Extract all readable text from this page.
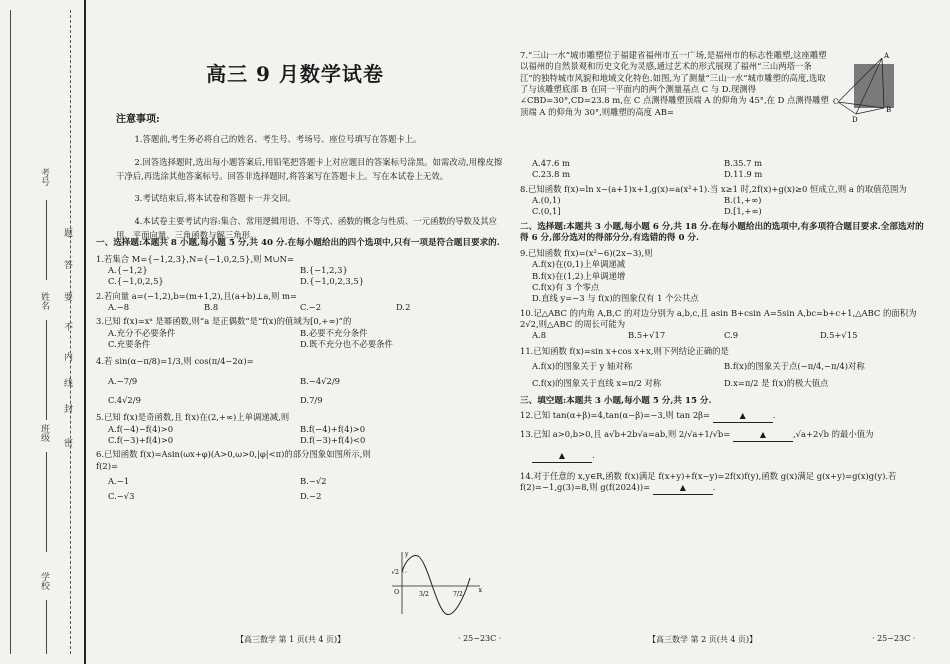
考号
姓名
班级
学校
题
答
要
不
内
线
封
密
高三 9 月数学试卷
注意事项:

1.答题前,考生务必将自己的姓名、考生号、考场号、座位号填写在答题卡上。

2.回答选择题时,选出每小题答案后,用铅笔把答题卡上对应题目的答案标号涂黑。如需改动,用橡皮擦干净后,再选涂其他答案标号。回答非选择题时,将答案写在答题卡上。写在本试卷上无效。

3.考试结束后,将本试卷和答题卡一并交回。

4.本试卷主要考试内容:集合、常用逻辑用语、不等式、函数的概念与性质、一元函数的导数及其应用、平面向量、三角函数与解三角形。

一、选择题:本题共 8 小题,每小题 5 分,共 40 分.在每小题给出的四个选项中,只有一项是符合题目要求的.

1.若集合 M={−1,2,3},N={−1,0,2,5},则 M∪N=

A.{−1,2}	B.{−1,2,3}
C.{−1,0,2,5}	D.{−1,0,2,3,5}

2.若向量 a=(−1,2),b=(m+1,2),且(a+b)⊥a,则 m=

A.−8	B.8	C.−2	D.2

3.已知 f(x)=xᵃ 是幂函数,则“a 是正偶数”是“f(x)的值域为[0,+∞)”的

A.充分不必要条件	B.必要不充分条件
C.充要条件	D.既不充分也不必要条件

4.若 sin(α−π/8)=1/3,则 cos(π/4−2α)=

A.−7/9	B.−4√2/9
C.4√2/9	D.7/9

5.已知 f(x)是奇函数,且 f(x)在(2,+∞)上单调递减,则

A.f(−4)−f(4)>0	B.f(−4)+f(4)>0
C.f(−3)+f(4)>0	D.f(−3)+f(4)<0

6.已知函数 f(x)=Asin(ωx+φ)(A>0,ω>0,|φ|<π)的部分图象如图所示,则 f(2)=

A.−1	B.−√2
C.−√3	D.−2
x
y
√2
O	3/2	7/2
【高三数学 第 1 页(共 4 页)】	· 25−23C ·

7.“三山一水”城市雕塑位于福建省福州市五一广场,是福州市的标志性雕塑,这座雕塑以福州的自然景观和历史文化为灵感,通过艺术的形式展现了福州“三山两塔一条江”的独特城市风貌和地域文化特色.如图,为了测量“三山一水”城市雕塑的高度,选取了与该雕塑底部 B 在同一平面内的两个测量基点 C 与 D.现测得∠CBD=30°,CD=23.8 m,在 C 点测得雕塑顶端 A 的仰角为 45°,在 D 点测得雕塑顶端 A 的仰角为 30°,则雕塑的高度 AB=

A
B
C
D
A.47.6 m	B.35.7 m
C.23.8 m	D.11.9 m

8.已知函数 f(x)=ln x−(a+1)x+1,g(x)=a(x²+1).当 x≥1 时,2f(x)+g(x)≥0 恒成立,则 a 的取值范围为

A.(0,1)	B.(1,+∞)
C.(0,1]	D.[1,+∞)

二、选择题:本题共 3 小题,每小题 6 分,共 18 分.在每小题给出的选项中,有多项符合题目要求.全部选对的得 6 分,部分选对的得部分分,有选错的得 0 分.

9.已知函数 f(x)=(x²−6)(2x−3),则

A.f(x)在(0,1)上单调递减

B.f(x)在(1,2)上单调递增

C.f(x)有 3 个零点

D.直线 y=−3 与 f(x)的图象仅有 1 个公共点

10.记△ABC 的内角 A,B,C 的对边分别为 a,b,c,且 asin B+csin A=5sin A,bc=b+c+1,△ABC 的面积为 2√2,则△ABC 的周长可能为

A.8	B.5+√17	C.9	D.5+√15

11.已知函数 f(x)=sin x+cos x+x,则下列结论正确的是

A.f(x)的图象关于 y 轴对称	B.f(x)的图象关于点(−π/4,−π/4)对称
C.f(x)的图象关于直线 x=π/2 对称	D.x=π/2 是 f(x)的极大值点

三、填空题:本题共 3 小题,每小题 5 分,共 15 分.

12.已知 tan(α+β)=4,tan(α−β)=−3,则 tan 2β=	▲	.

13.已知 a>0,b>0,且 a√b+2b√a=ab,则 2/√a+1/√b=	▲	,√a+2√b 的最小值为

▲	.

14.对于任意的 x,y∈R,函数 f(x)满足 f(x+y)+f(x−y)=2f(x)f(y),函数 g(x)满足 g(x+y)=g(x)g(y).若 f(2)=−1,g(3)=8,则 g(f(2024))=	▲	.

【高三数学 第 2 页(共 4 页)】	· 25−23C ·
